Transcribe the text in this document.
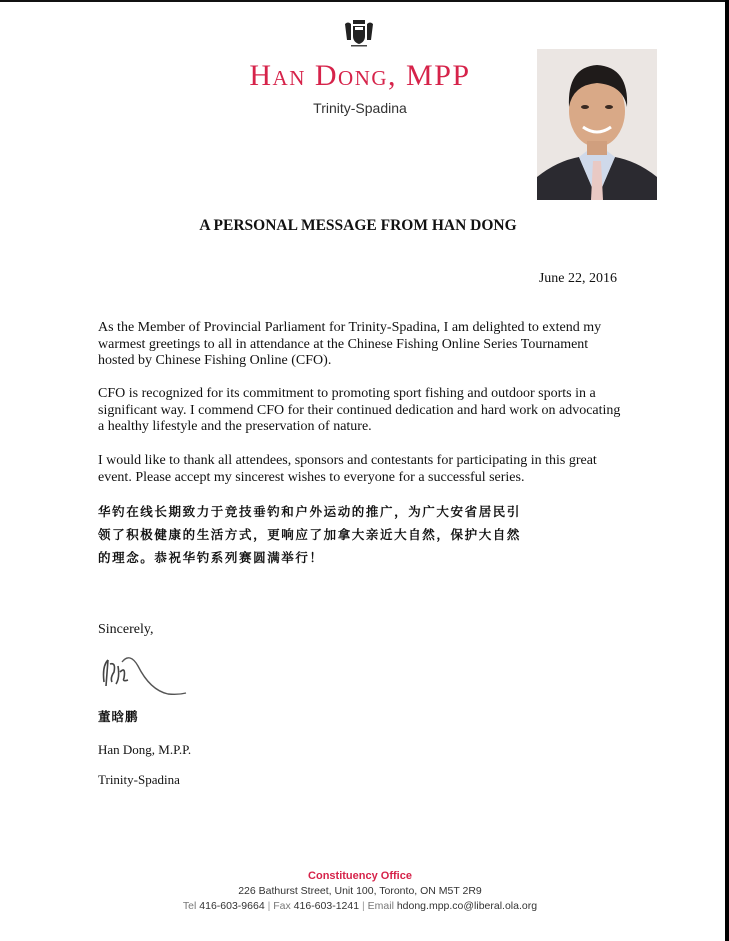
Han Dong, MPP
Trinity-Spadina
A PERSONAL MESSAGE FROM HAN DONG
June 22, 2016
As the Member of Provincial Parliament for Trinity-Spadina, I am delighted to extend my warmest greetings to all in attendance at the Chinese Fishing Online Series Tournament hosted by Chinese Fishing Online (CFO).
CFO is recognized for its commitment to promoting sport fishing and outdoor sports in a significant way. I commend CFO for their continued dedication and hard work on advocating a healthy lifestyle and the preservation of nature.
I would like to thank all attendees, sponsors and contestants for participating in this great event. Please accept my sincerest wishes to everyone for a successful series.
华钓在线长期致力于竞技垂钓和户外运动的推广，为广大安省居民引
领了积极健康的生活方式，更响应了加拿大亲近大自然，保护大自然
的理念。恭祝华钓系列赛圆满举行！
Sincerely,
董晗鹏
Han Dong, M.P.P.
Trinity-Spadina
Constituency Office
226 Bathurst Street, Unit 100, Toronto, ON M5T 2R9
Tel 416-603-9664 | Fax 416-603-1241 | Email hdong.mpp.co@liberal.ola.org
